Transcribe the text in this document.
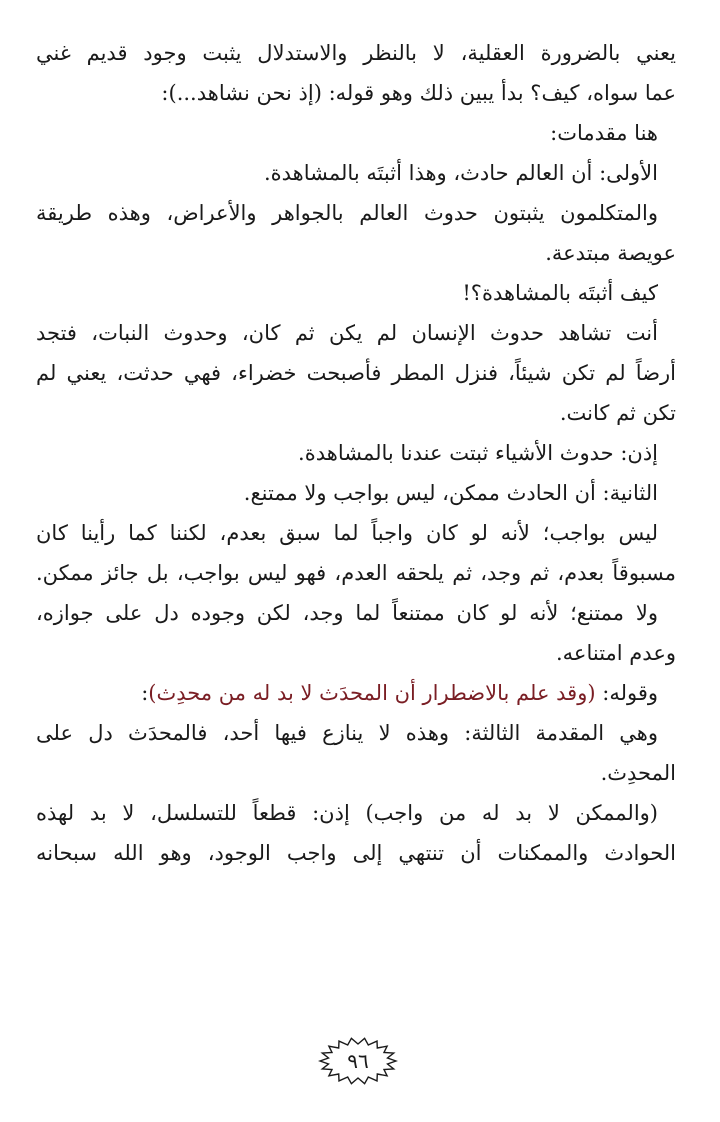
يعني بالضرورة العقلية، لا بالنظر والاستدلال يثبت وجود قديم غني
عما سواه، كيف؟ بدأ يبين ذلك وهو قوله: (إذ نحن نشاهد...):
هنا مقدمات:
الأولى: أن العالم حادث، وهذا أثبتَه بالمشاهدة.
والمتكلمون يثبتون حدوث العالم بالجواهر والأعراض، وهذه طريقة
عويصة مبتدعة.
كيف أثبتَه بالمشاهدة؟!
أنت تشاهد حدوث الإنسان لم يكن ثم كان، وحدوث النبات، فتجد
أرضاً لم تكن شيئاً، فنزل المطر فأصبحت خضراء، فهي حدثت، يعني لم
تكن ثم كانت.
إذن: حدوث الأشياء ثبتت عندنا بالمشاهدة.
الثانية: أن الحادث ممكن، ليس بواجب ولا ممتنع.
ليس بواجب؛ لأنه لو كان واجباً لما سبق بعدم، لكننا كما رأينا كان
مسبوقاً بعدم، ثم وجد، ثم يلحقه العدم، فهو ليس بواجب، بل جائز ممكن.
ولا ممتنع؛ لأنه لو كان ممتنعاً لما وجد، لكن وجوده دل على جوازه،
وعدم امتناعه.
وقوله: (وقد علم بالاضطرار أن المحدَث لا بد له من محدِث):
وهي المقدمة الثالثة: وهذه لا ينازع فيها أحد، فالمحدَث دل على
المحدِث.
(والممكن لا بد له من واجب) إذن: قطعاً للتسلسل، لا بد لهذه
الحوادث والممكنات أن تنتهي إلى واجب الوجود، وهو الله سبحانه
٩٦
